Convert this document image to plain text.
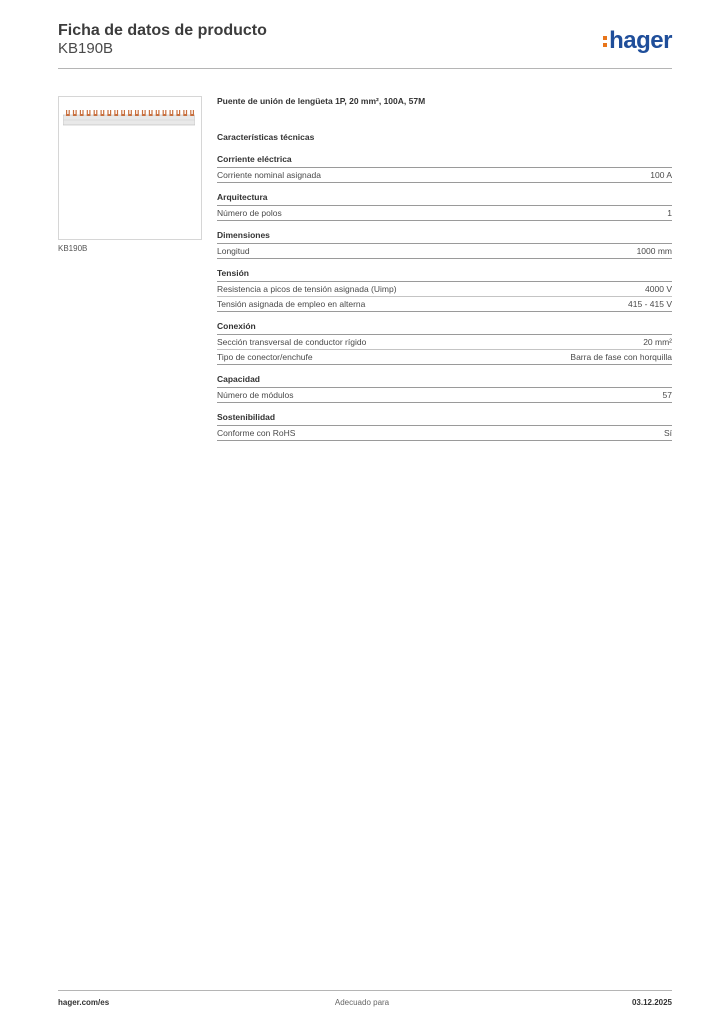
Ficha de datos de producto
KB190B	hager
KB190B
Puente de unión de lengüeta 1P, 20 mm², 100A, 57M
Características técnicas
Corriente eléctrica
Corriente nominal asignada	100 A
Arquitectura
Número de polos	1
Dimensiones
Longitud	1000 mm
Tensión
Resistencia a picos de tensión asignada (Uimp)	4000 V
Tensión asignada de empleo en alterna	415 - 415 V
Conexión
Sección transversal de conductor rígido	20 mm²
Tipo de conector/enchufe	Barra de fase con horquilla
Capacidad
Número de módulos	57
Sostenibilidad
Conforme con RoHS	Sí
hager.com/es	Adecuado para	03.12.2025
